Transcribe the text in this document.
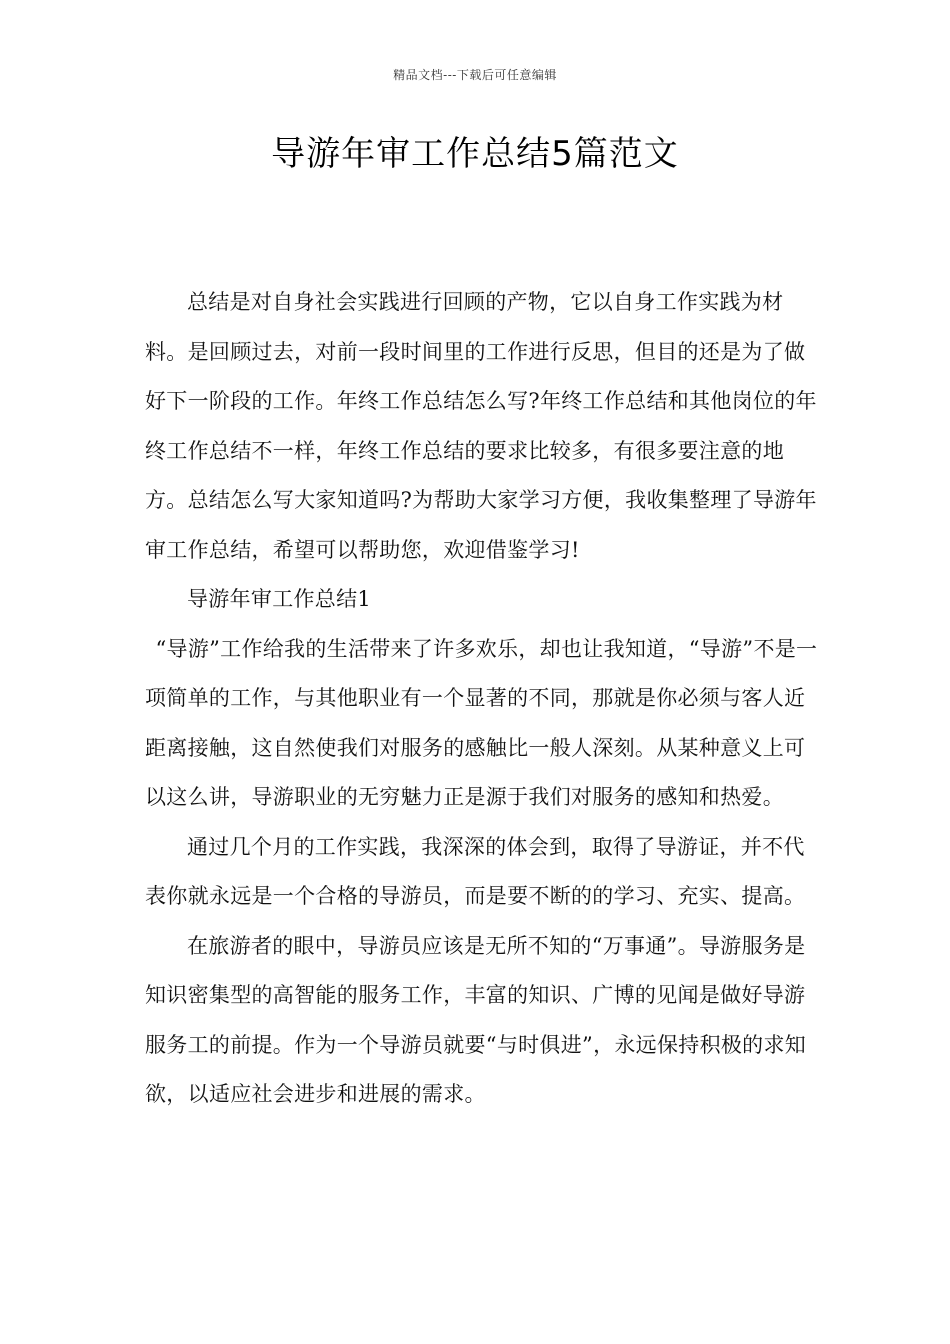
精品文档---下载后可任意编辑
导游年审工作总结5篇范文

总结是对自身社会实践进行回顾的产物，它以自身工作实践为材料。是回顾过去，对前一段时间里的工作进行反思，但目的还是为了做好下一阶段的工作。年终工作总结怎么写?年终工作总结和其他岗位的年终工作总结不一样，年终工作总结的要求比较多，有很多要注意的地方。总结怎么写大家知道吗?为帮助大家学习方便，我收集整理了导游年审工作总结，希望可以帮助您，欢迎借鉴学习!

导游年审工作总结1

“导游”工作给我的生活带来了许多欢乐，却也让我知道，“导游”不是一项简单的工作，与其他职业有一个显著的不同，那就是你必须与客人近距离接触，这自然使我们对服务的感触比一般人深刻。从某种意义上可以这么讲，导游职业的无穷魅力正是源于我们对服务的感知和热爱。

通过几个月的工作实践，我深深的体会到，取得了导游证，并不代表你就永远是一个合格的导游员，而是要不断的的学习、充实、提高。

在旅游者的眼中，导游员应该是无所不知的“万事通”。导游服务是知识密集型的高智能的服务工作，丰富的知识、广博的见闻是做好导游服务工的前提。作为一个导游员就要“与时俱进”，永远保持积极的求知欲，以适应社会进步和进展的需求。
